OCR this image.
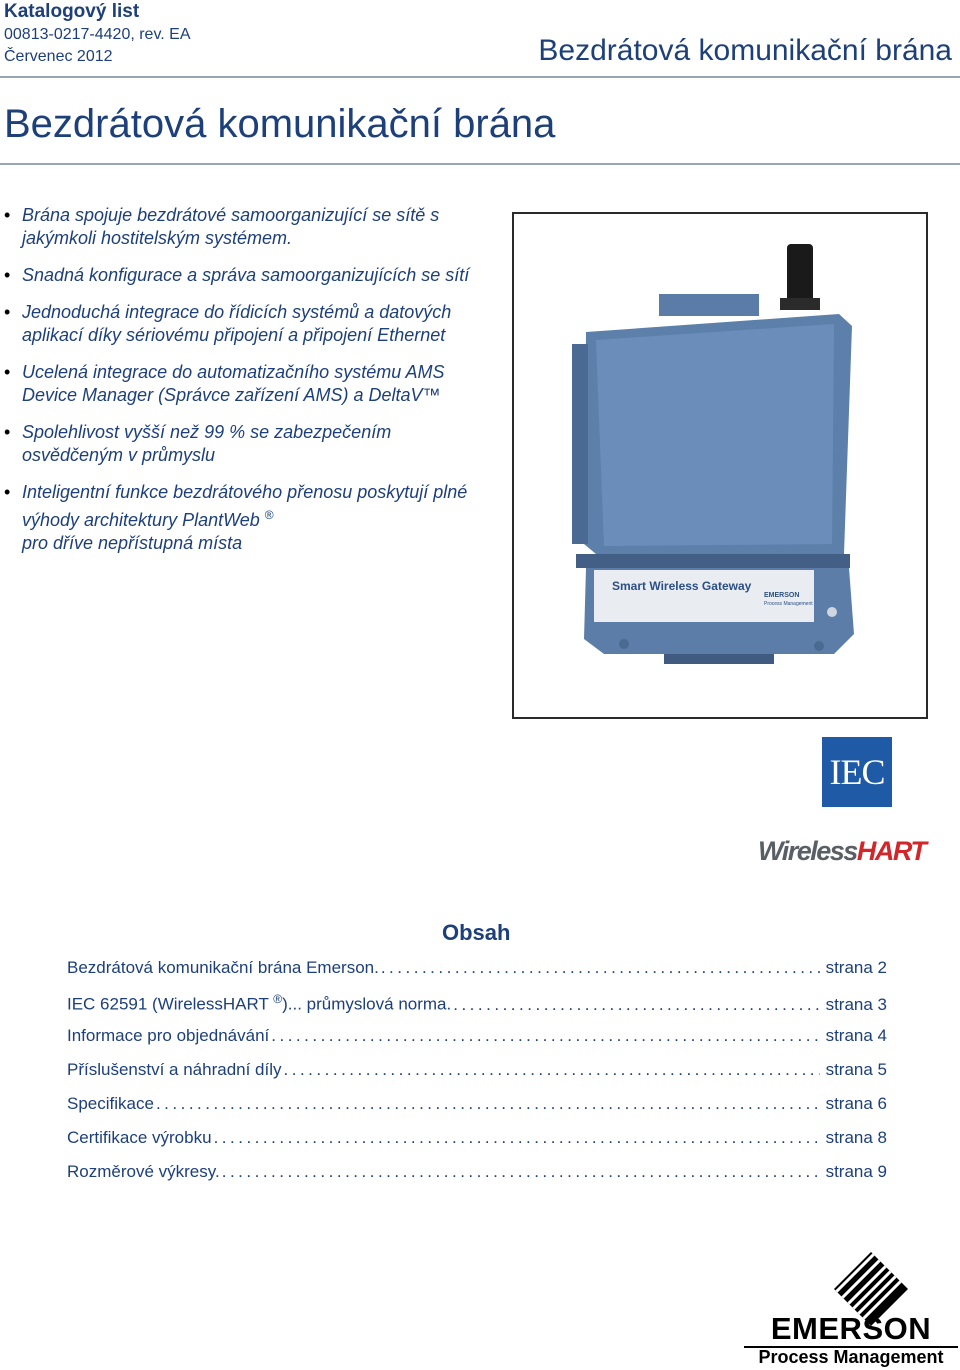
Katalogový list
00813-0217-4420, rev. EA
Červenec 2012	Bezdrátová komunikační brána
Bezdrátová komunikační brána
• Brána spojuje bezdrátové samoorganizující se sítě s jakýmkoli hostitelským systémem.
• Snadná konfigurace a správa samoorganizujících se sítí
• Jednoduchá integrace do řídicích systémů a datových aplikací díky sériovému připojení a připojení Ethernet
• Ucelená integrace do automatizačního systému AMS Device Manager (Správce zařízení AMS) a DeltaV™
• Spolehlivost vyšší než 99 % se zabezpečením osvědčeným v průmyslu
• Inteligentní funkce bezdrátového přenosu poskytují plné výhody architektury PlantWeb ®
pro dříve nepřístupná místa
Smart Wireless Gateway
EMERSON
Process Management
IEC
WirelessHART
Obsah
Bezdrátová komunikační brána Emerson. .....	strana 2
IEC 62591 (WirelessHART ®)... průmyslová norma. .....	strana 3
Informace pro objednávání .....	strana 4
Příslušenství a náhradní díly .....	strana 5
Specifikace .....	strana 6
Certifikace výrobku .....	strana 8
Rozměrové výkresy. .....	strana 9
EMERSON
Process Management
